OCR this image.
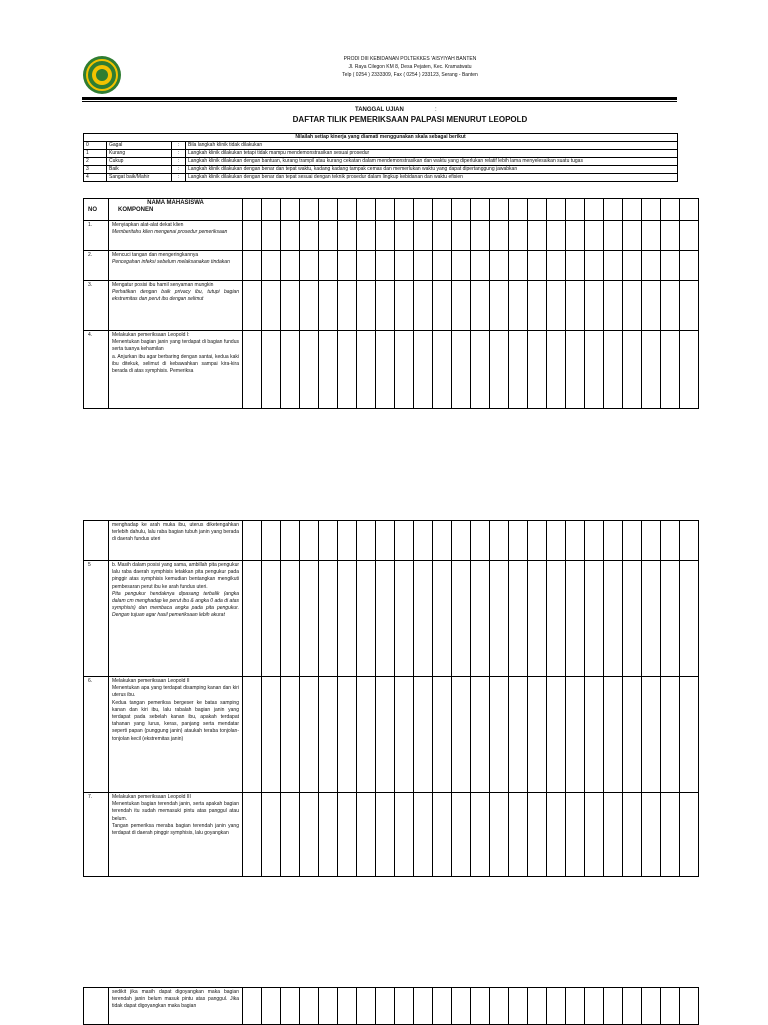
PRODI DIII KEBIDANAN POLTEKKES 'AISYIYAH BANTEN
Jl. Raya Cilegon KM 8, Desa Pejaten, Kec. Kramatwatu
Telp ( 0254 ) 2333309, Fax ( 0254 ) 233123, Serang - Banten
TANGGAL UJIAN	:
DAFTAR TILIK PEMERIKSAAN PALPASI MENURUT LEOPOLD
Nilailah setiap kinerja yang diamati menggunakan skala sebagai berikut			
0	Gagal	:	Bila langkah klinik tidak dilakukan
1	Kurang	:	Langkah klinik dilakukan tetapi tidak mampu mendemonstrasikan sesuai prosedur
2	Cukup	:	Langkah klinik dilakukan dengan bantuan, kurang trampil atau kurang cekatan dalam mendemonstrasikan dan waktu yang diperlukan relatif lebih lama menyelesaikan suatu tugas
3	Baik	:	Langkah klinik dilakukan dengan benar dan tepat waktu, kadang kadang tampak cemas dan memerlukan waktu yang dapat dipertanggung jawabkan
4	Sangat baik/Mahir	:	Langkah klinik dilakukan dengan benar dan tepat sesuai dengan teknik prosedur dalam lingkup kebidanan dan waktu efisien
NO	NAMA MAHASISWA
KOMPONEN																								

1.	Menyiapkan alat-alat dekat klien
Memberitahu klien mengenai prosedur pemeriksaan																								

2.	Mencuci tangan dan mengeringkannya
Pencegahan infeksi sebelum melaksanakan tindakan																								

3.	Mengatur posisi ibu hamil senyaman mungkin
Perhatikan dengan baik privacy ibu, tutupi bagian ekstremitas dan perut ibu dengan selimut																								

4.	Melakukan pemeriksaan Leopold I:
Menentukan bagian janin yang terdapat di bagian fundus serta tuanya kehamilan
a. Anjurkan ibu agar berbaring dengan santai, kedua kaki ibu ditekuk, selimut di kebawahkan sampai kira-kira berada di atas symphisis. Pemeriksa																								

	menghadap ke arah muka ibu, uterus diketengahkan terlebih dahulu, lalu raba bagian tubuh janin yang berada di daerah fundus uteri																								

5	b. Masih dalam posisi yang sama, ambillah pita pengukur lalu raba daerah symphisis letakkan pita pengukur pada pinggir atas symphisis kemudian bentangkan mengikuti pembesaran perut ibu ke arah fundus uteri.
Pita pengukur hendaknya dipasang terbalik (angka dalam cm menghadap ke perut ibu & angka 0 ada di atas symphisis) dan membaca angka pada pita pengukur. Dengan tujuan agar hasil pemeriksaan lebih akurat																								

6.	Melakukan pemeriksaan Leopold II
Menentukan apa yang terdapat disamping kanan dan kiri uterus ibu.
Kedua tangan pemeriksa bergeser ke batas samping kanan dan kiri ibu, lalu rabalah bagian janin yang terdapat pada sebelah kanan ibu, apakah terdapat tahanan yang lurus, keras, panjang serta mendatar seperti papan (punggung janin) ataukah teraba tonjolan-tonjolan kecil (ekstremitas janin)																								

7.	Melakukan pemeriksaan Leopold III
Menentukan bagian terendah janin, serta apakah bagian terendah itu sudah memasuki pintu atas panggul atau belum.
Tangan pemeriksa meraba bagian terendah janin yang terdapat di daerah pinggir symphisis, lalu goyangkan																								

sedikit jika masih dapat digoyangkan maka bagian terendah janin belum masuk pintu atas panggul. Jika tidak dapat digoyangkan maka bagian
